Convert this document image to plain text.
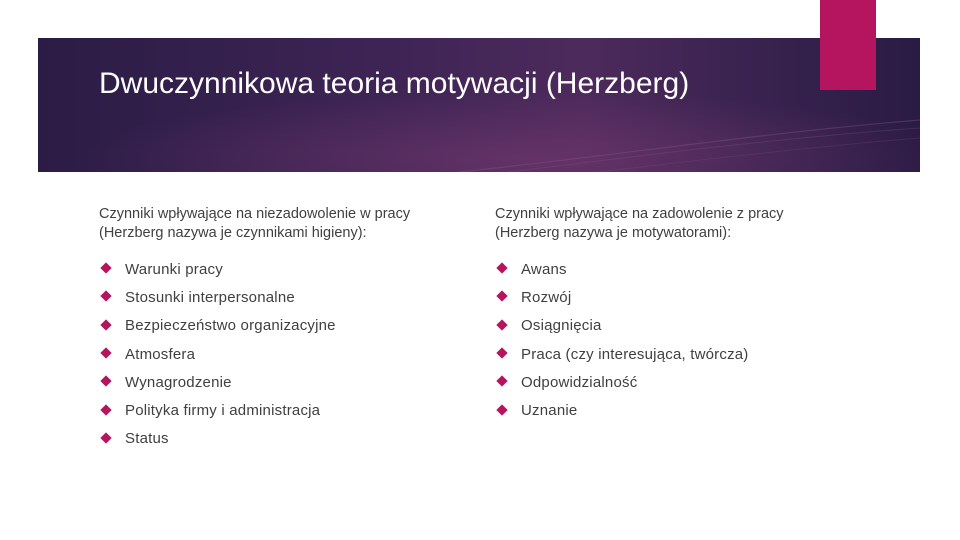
Dwuczynnikowa teoria motywacji (Herzberg)

Czynniki wpływające na niezadowolenie w pracy
(Herzberg nazywa je czynnikami higieny):

Warunki pracy
Stosunki interpersonalne
Bezpieczeństwo organizacyjne
Atmosfera
Wynagrodzenie
Polityka firmy i administracja
Status

Czynniki wpływające na zadowolenie z pracy
(Herzberg nazywa je motywatorami):

Awans
Rozwój
Osiągnięcia
Praca (czy interesująca, twórcza)
Odpowidzialność
Uznanie
